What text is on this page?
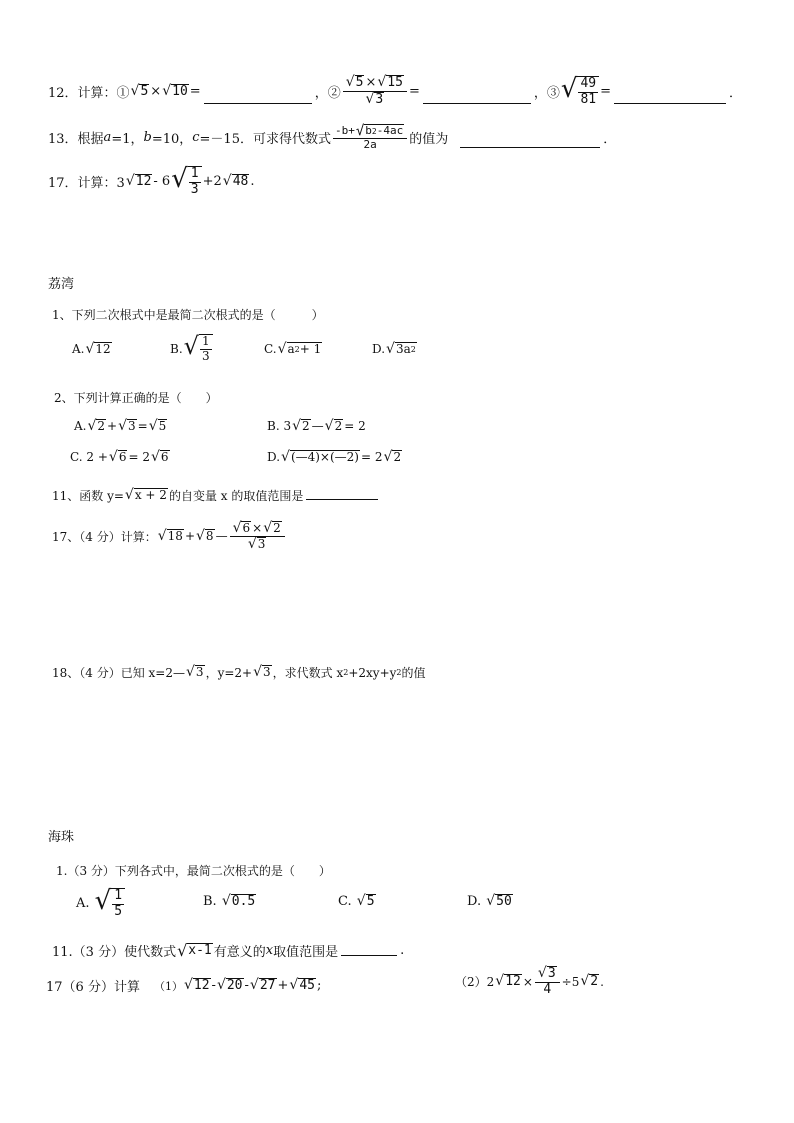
12．计算：① √ 5 × √ 10 =	，② $\frac{√ 5 \times √ 15}{√ 3}$ =	，③ √ $\frac{49}{81}$ =	．
13．根据 a =1， b =10， c =－15．可求得代数式 $\frac{-b+ √ b 2 -4ac}{2a}$ 的值为	．
17．计算：3 √ 12 - 6 √ $\frac{1}{3} +2$ √ 48 .
荔湾
1、下列二次根式中是最简二次根式的是（　　　）
A. √ 12	B. √ $\frac{1}{3}$	C. √ a 2 + 1	D. √ 3a 2
2、下列计算正确的是（　　）
A. √ 2 + √ 3 = √ 5	B. 3 √ 2 — √ 2 = 2
C. 2 + √ 6 = 2 √ 6	D. √ (—4)×(—2) = 2 √ 2
11、函数 y= √ x + 2 的自变量 x 的取值范围是
17、（4 分）计算： √ 18 + √ 8 — $\frac{√ 6 \times √ 2}{√ 3}$
18、（4 分）已知 x=2— √ 3 ，y=2+ √ 3 ，求代数式 x 2 +2xy+y 2 的值
海珠
1.（3 分）下列各式中，最简二次根式的是（　　）
A.
√ $\frac{1}{5}$	B.
√ 0.5	C.
√ 5	D.
√ 50
11.（3 分）使代数式 √ x-1 有意义的 x 取值范围是	.
17（6 分）计算 （1） √ 12 - √ 20 - √ 27 + √ 45 ;	（2）2 √ $12 \times \frac{√ 3}{4} \div 5$ √ 2 .
